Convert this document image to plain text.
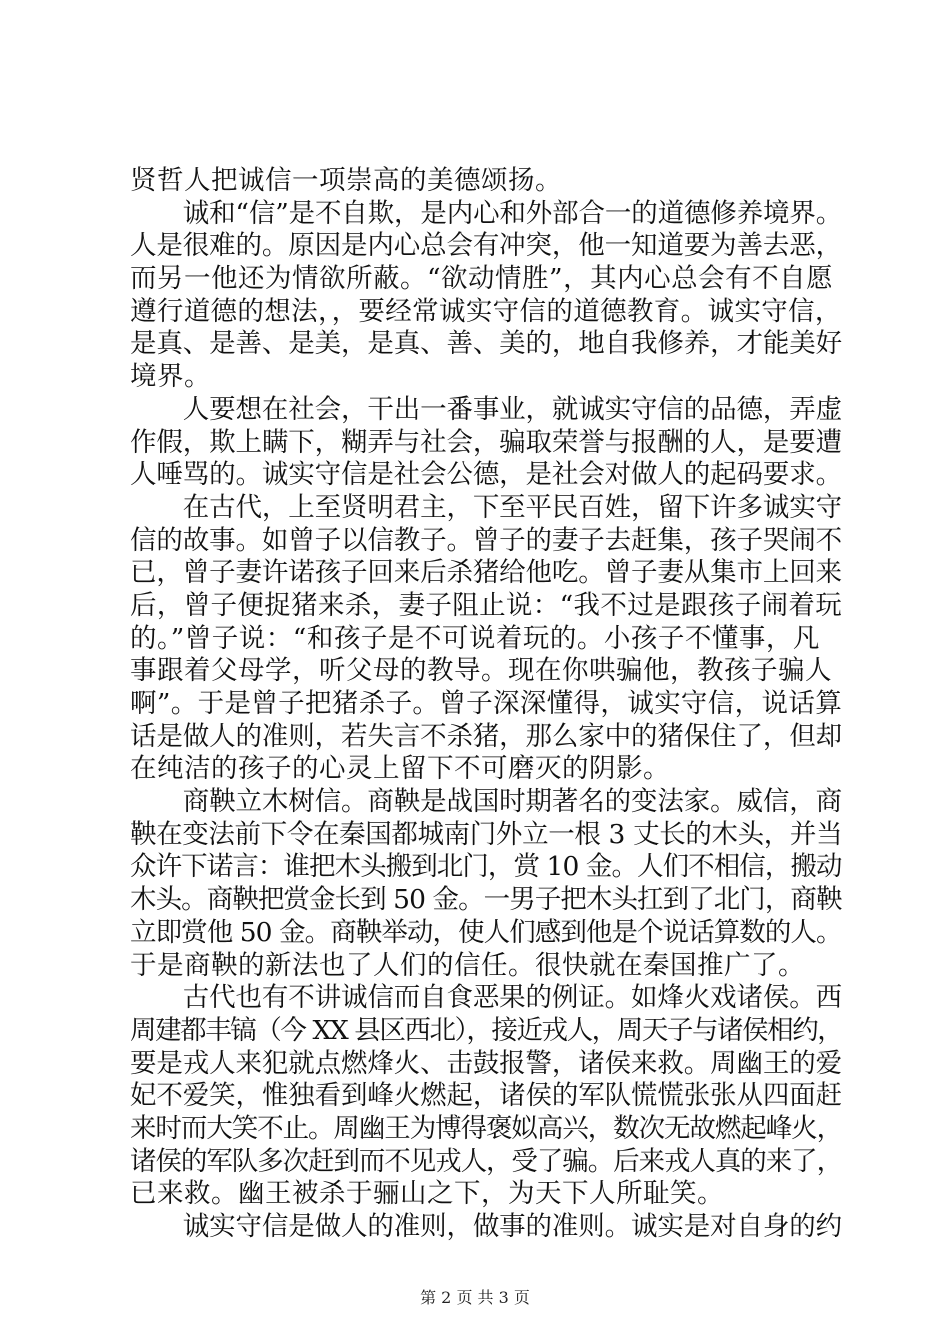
贤哲人把诚信一项崇高的美德颂扬。
　　诚和“信”是不自欺，是内心和外部合一的道德修养境界。
人是很难的。原因是内心总会有冲突，他一知道要为善去恶，
而另一他还为情欲所蔽。“欲动情胜”，其内心总会有不自愿
遵行道德的想法，，要经常诚实守信的道德教育。诚实守信，
是真、是善、是美，是真、善、美的，地自我修养，才能美好
境界。
　　人要想在社会，干出一番事业，就诚实守信的品德，弄虚
作假，欺上瞒下，糊弄与社会，骗取荣誉与报酬的人，是要遭
人唾骂的。诚实守信是社会公德，是社会对做人的起码要求。
　　在古代，上至贤明君主，下至平民百姓，留下许多诚实守
信的故事。如曾子以信教子。曾子的妻子去赶集，孩子哭闹不
已，曾子妻许诺孩子回来后杀猪给他吃。曾子妻从集市上回来
后，曾子便捉猪来杀，妻子阻止说：“我不过是跟孩子闹着玩
的。”曾子说：“和孩子是不可说着玩的。小孩子不懂事，凡
事跟着父母学，听父母的教导。现在你哄骗他，教孩子骗人
啊”。于是曾子把猪杀子。曾子深深懂得，诚实守信，说话算
话是做人的准则，若失言不杀猪，那么家中的猪保住了，但却
在纯洁的孩子的心灵上留下不可磨灭的阴影。
　　商鞅立木树信。商鞅是战国时期著名的变法家。威信，商
鞅在变法前下令在秦国都城南门外立一根 3 丈长的木头，并当
众许下诺言：谁把木头搬到北门，赏 10 金。人们不相信，搬动
木头。商鞅把赏金长到 50 金。一男子把木头扛到了北门，商鞅
立即赏他 50 金。商鞅举动，使人们感到他是个说话算数的人。
于是商鞅的新法也了人们的信任。很快就在秦国推广了。
　　古代也有不讲诚信而自食恶果的例证。如烽火戏诸侯。西
周建都丰镐（今 XX 县区西北），接近戎人，周天子与诸侯相约，
要是戎人来犯就点燃烽火、击鼓报警，诸侯来救。周幽王的爱
妃不爱笑，惟独看到峰火燃起，诸侯的军队慌慌张张从四面赶
来时而大笑不止。周幽王为博得褒姒高兴，数次无故燃起峰火，
诸侯的军队多次赶到而不见戎人，受了骗。后来戎人真的来了，
已来救。幽王被杀于骊山之下，为天下人所耻笑。
　　诚实守信是做人的准则，做事的准则。诚实是对自身的约
第 2 页 共 3 页
